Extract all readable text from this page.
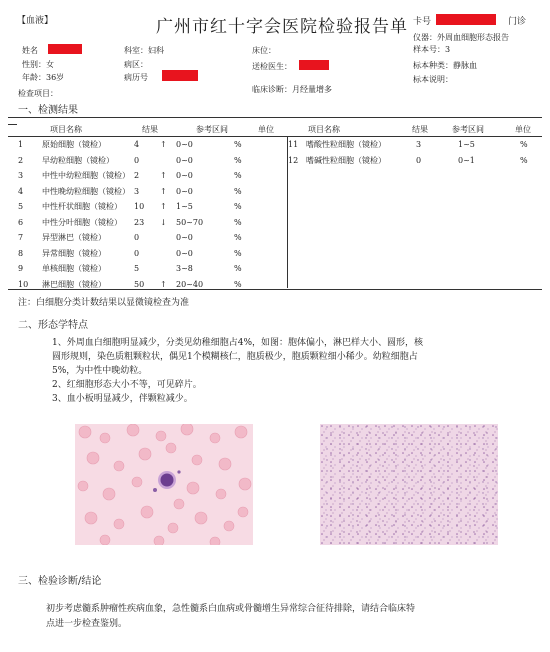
【血液】	广州市红十字会医院检验报告单 卡号	门诊
仪器：外周血细胞形态报告
样本号：3
标本种类：静脉血
标本说明：
姓名
性别：女
年龄：36岁
科室：妇科
病区：
病历号
床位：
送检医生：
临床诊断：月经量增多
检查项目：
一、检测结果
项目名称	结果	参考区间	单位	项目名称	结果	参考区间	单位
1	原始细胞（镜检）	4	↑	0~0	%
2	早幼粒细胞（镜检）	0		0~0	%
3	中性中幼粒细胞（镜检）	2	↑	0~0	%
4	中性晚幼粒细胞（镜检）	3	↑	0~0	%
5	中性杆状细胞（镜检）	10	↑	1~5	%
6	中性分叶细胞（镜检）	23	↓	50~70	%
7	异型淋巴（镜检）	0		0~0	%
8	异常细胞（镜检）	0		0~0	%
9	单核细胞（镜检）	5		3~8	%
10	淋巴细胞（镜检）	50	↑	20~40	%
11	嗜酸性粒细胞（镜检）	3		1~5	%
12	嗜碱性粒细胞（镜检）	0		0~1	%
注：白细胞分类计数结果以显微镜检查为准
二、形态学特点
1、外周血白细胞明显减少，分类见幼稚细胞占4%，如图：胞体偏小，淋巴样大小、圆形，核
圆形规则，染色质粗颗粒状，偶见1个模糊核仁，胞质极少，胞质颗粒细小稀少。幼粒细胞占
5%，为中性中晚幼粒。
2、红细胞形态大小不等，可见碎片。
3、血小板明显减少，伴颗粒减少。
三、检验诊断/结论
初步考虑髓系肿瘤性疾病血象，急性髓系白血病或骨髓增生异常综合征待排除，请结合临床特
点进一步检查鉴别。
